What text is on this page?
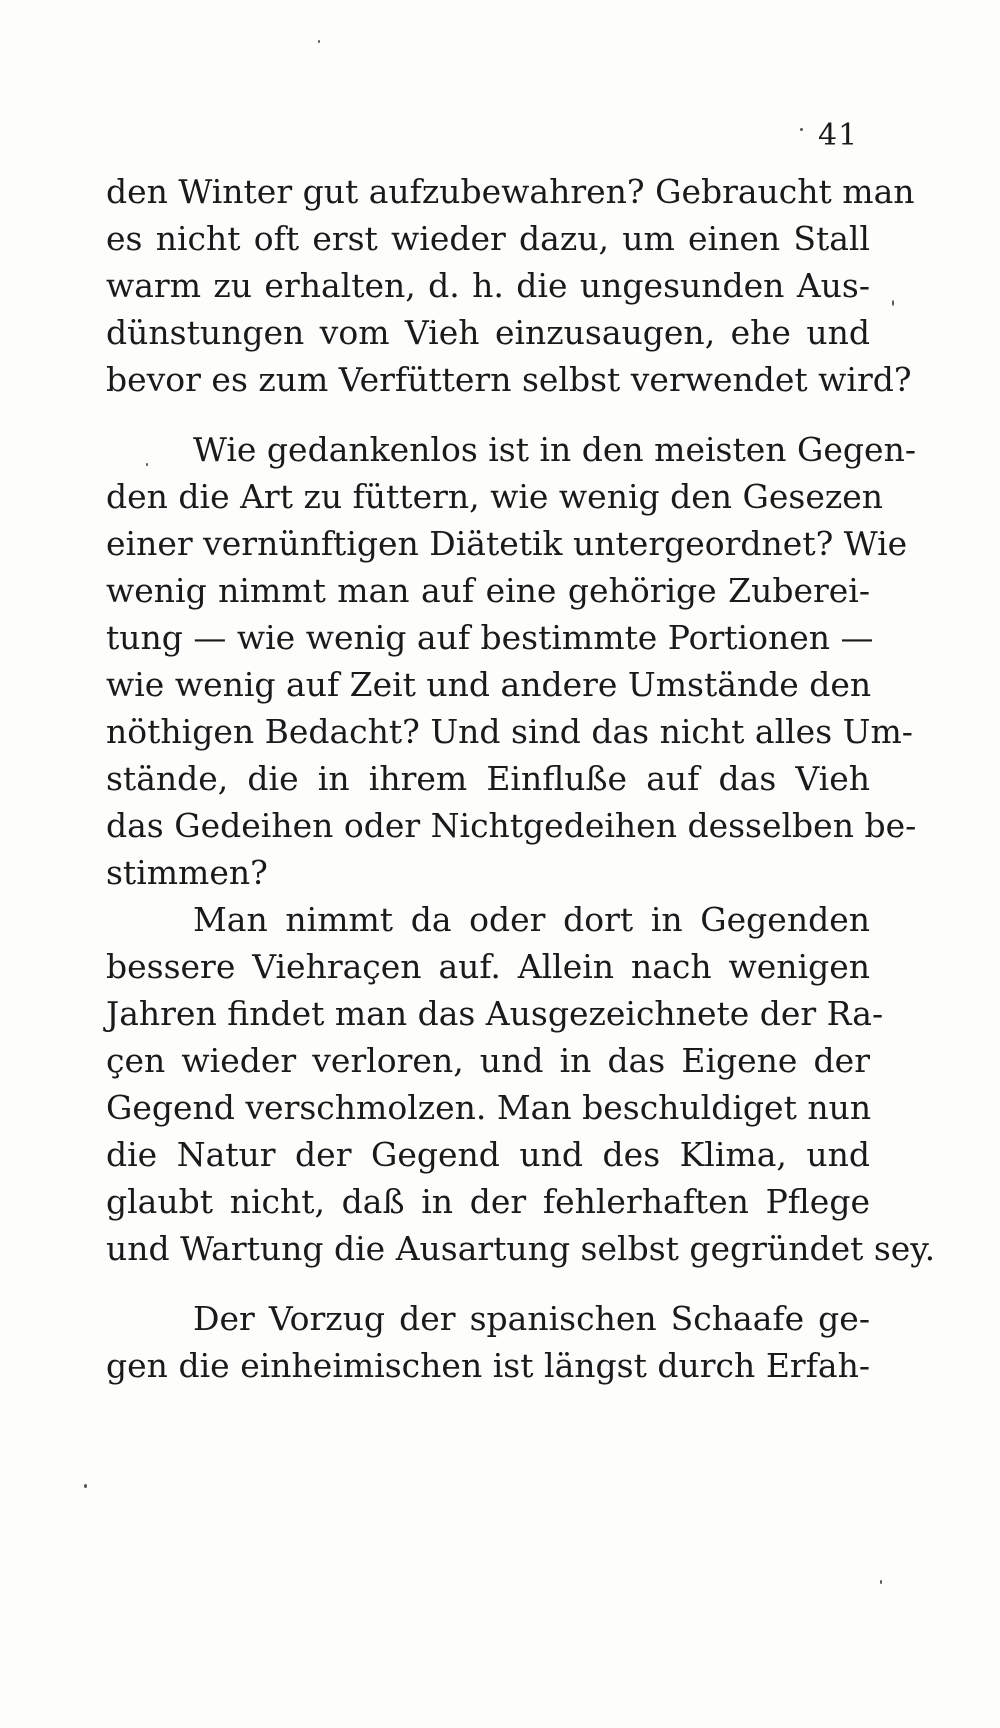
41
den Winter gut aufzubewahren? Gebraucht man
es nicht oft erst wieder dazu, um einen Stall
warm zu erhalten, d. h. die ungesunden Aus-
dünstungen vom Vieh einzusaugen, ehe und
bevor es zum Verfüttern selbst verwendet wird?
Wie gedankenlos ist in den meisten Gegen-
den die Art zu füttern, wie wenig den Gesezen
einer vernünftigen Diätetik untergeordnet? Wie
wenig nimmt man auf eine gehörige Zuberei-
tung — wie wenig auf bestimmte Portionen —
wie wenig auf Zeit und andere Umstände den
nöthigen Bedacht? Und sind das nicht alles Um-
stände, die in ihrem Einfluße auf das Vieh
das Gedeihen oder Nichtgedeihen desselben be-
stimmen?
Man nimmt da oder dort in Gegenden
bessere Viehraçen auf. Allein nach wenigen
Jahren findet man das Ausgezeichnete der Ra-
çen wieder verloren, und in das Eigene der
Gegend verschmolzen. Man beschuldiget nun
die Natur der Gegend und des Klima, und
glaubt nicht, daß in der fehlerhaften Pflege
und Wartung die Ausartung selbst gegründet sey.
Der Vorzug der spanischen Schaafe ge-
gen die einheimischen ist längst durch Erfah-
